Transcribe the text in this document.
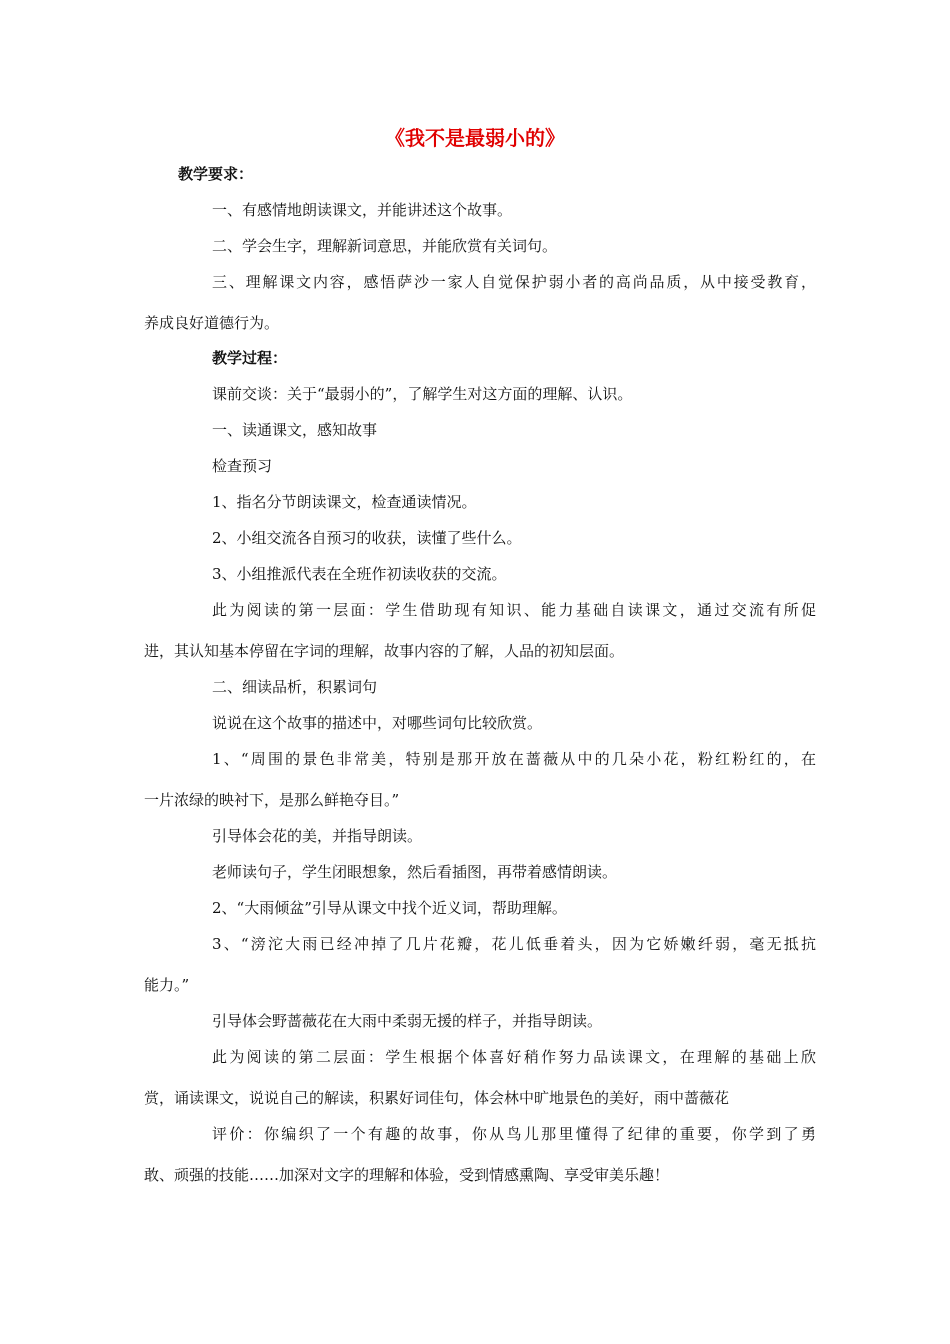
《我不是最弱小的》
教学要求：
一、有感情地朗读课文，并能讲述这个故事。
二、学会生字，理解新词意思，并能欣赏有关词句。
三、理解课文内容，感悟萨沙一家人自觉保护弱小者的高尚品质，从中接受教育，
养成良好道德行为。
教学过程：
课前交谈：关于“最弱小的”，了解学生对这方面的理解、认识。
一、读通课文，感知故事
检查预习
1、指名分节朗读课文，检查通读情况。
2、小组交流各自预习的收获，读懂了些什么。
3、小组推派代表在全班作初读收获的交流。
此为阅读的第一层面：学生借助现有知识、能力基础自读课文，通过交流有所促
进，其认知基本停留在字词的理解，故事内容的了解，人品的初知层面。
二、细读品析，积累词句
说说在这个故事的描述中，对哪些词句比较欣赏。
1、“周围的景色非常美，特别是那开放在蔷薇从中的几朵小花，粉红粉红的，在
一片浓绿的映衬下，是那么鲜艳夺目。”
引导体会花的美，并指导朗读。
老师读句子，学生闭眼想象，然后看插图，再带着感情朗读。
2、“大雨倾盆”引导从课文中找个近义词，帮助理解。
3、“滂沱大雨已经冲掉了几片花瓣，花儿低垂着头，因为它娇嫩纤弱，毫无抵抗
能力。”
引导体会野蔷薇花在大雨中柔弱无援的样子，并指导朗读。
此为阅读的第二层面：学生根据个体喜好稍作努力品读课文，在理解的基础上欣
赏，诵读课文，说说自己的解读，积累好词佳句，体会林中旷地景色的美好，雨中蔷薇花
评价：你编织了一个有趣的故事，你从鸟儿那里懂得了纪律的重要，你学到了勇
敢、顽强的技能……加深对文字的理解和体验，受到情感熏陶、享受审美乐趣！
